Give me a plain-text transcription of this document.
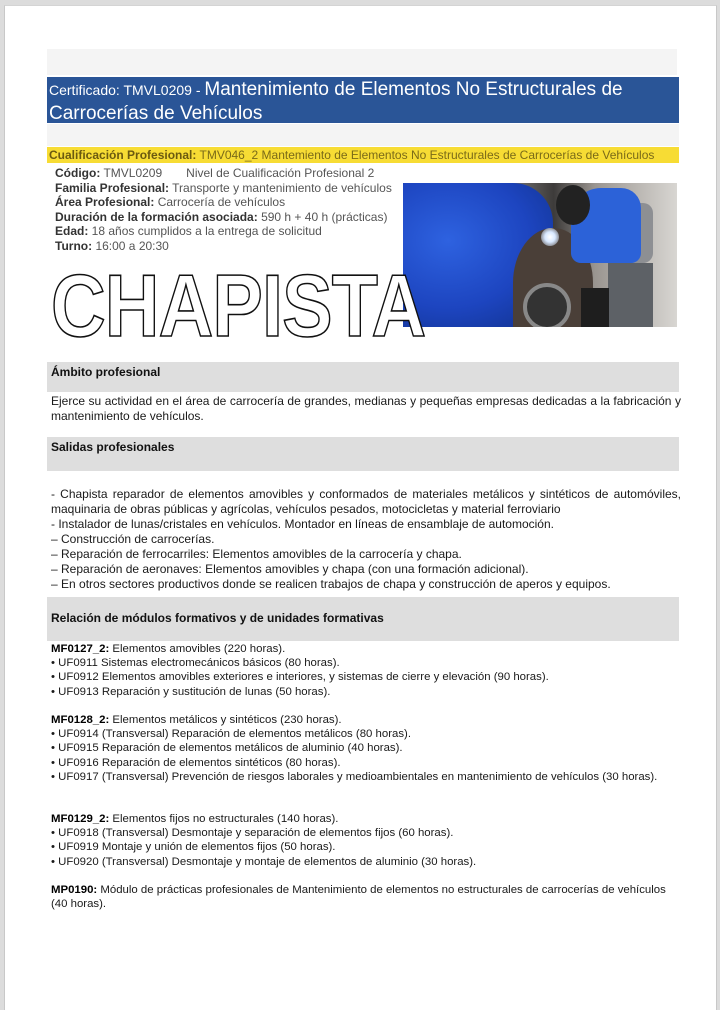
Certificado: TMVL0209 - Mantenimiento de Elementos No Estructurales de
Carrocerías de Vehículos
Cualificación Profesional: TMV046_2 Mantemiento de Elementos No Estructurales de Carrocerías de Vehículos
Código: TMVL0209 Nivel de Cualificación Profesional 2
Familia Profesional: Transporte y mantenimiento de vehículos
Área Profesional: Carrocería de vehículos
Duración de la formación asociada: 590 h + 40 h (prácticas)
Edad: 18 años cumplidos a la entrega de solicitud
Turno: 16:00 a 20:30
CHAPISTA
Ámbito profesional
Ejerce su actividad en el área de carrocería de grandes, medianas y pequeñas empresas dedicadas a la fabricación y mantenimiento de vehículos.
Salidas profesionales
- Chapista reparador de elementos amovibles y conformados de materiales metálicos y sintéticos de automóviles, maquinaria de obras públicas y agrícolas, vehículos pesados, motocicletas y material ferroviario
- Instalador de lunas/cristales en vehículos. Montador en líneas de ensamblaje de automoción.
– Construcción de carrocerías.
– Reparación de ferrocarriles: Elementos amovibles de la carrocería y chapa.
– Reparación de aeronaves: Elementos amovibles y chapa (con una formación adicional).
– En otros sectores productivos donde se realicen trabajos de chapa y construcción de aperos y equipos.
Relación de módulos formativos y de unidades formativas
MF0127_2: Elementos amovibles (220 horas).
• UF0911 Sistemas electromecánicos básicos (80 horas).
• UF0912 Elementos amovibles exteriores e interiores, y sistemas de cierre y elevación (90 horas).
• UF0913 Reparación y sustitución de lunas (50 horas).
MF0128_2: Elementos metálicos y sintéticos (230 horas).
• UF0914 (Transversal) Reparación de elementos metálicos (80 horas).
• UF0915 Reparación de elementos metálicos de aluminio (40 horas).
• UF0916 Reparación de elementos sintéticos (80 horas).
• UF0917 (Transversal) Prevención de riesgos laborales y medioambientales en mantenimiento de vehículos (30 horas).
MF0129_2: Elementos fijos no estructurales (140 horas).
• UF0918 (Transversal) Desmontaje y separación de elementos fijos (60 horas).
• UF0919 Montaje y unión de elementos fijos (50 horas).
• UF0920 (Transversal) Desmontaje y montaje de elementos de aluminio (30 horas).
MP0190: Módulo de prácticas profesionales de Mantenimiento de elementos no estructurales de carrocerías de vehículos (40 horas).
